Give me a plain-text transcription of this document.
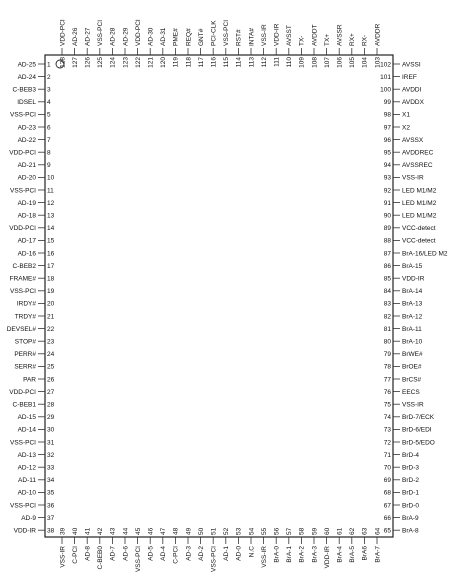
AD-25 1
AD-24 2
C-BEB3 3
IDSEL 4
VSS-PCI 5
AD-23 6
AD-22 7
VDD-PCI 8
AD-21 9
AD-20 10
VSS-PCI 11
AD-19 12
AD-18 13
VDD-PCI 14
AD-17 15
AD-16 16
C-BEB2 17
FRAME# 18
VSS-PCI 19
IRDY# 20
TRDY# 21
DEVSEL# 22
STOP# 23
PERR# 24
SERR# 25
PAR 26
VDD-PCI 27
C-BEB1 28
AD-15 29
AD-14 30
VSS-PCI 31
AD-13 32
AD-12 33
AD-11 34
AD-10 35
VSS-PCI 36
AD-9 37
VDD-IR 38
AVSSI
102
IREF
101
AVDDI
100
AVDDX
99
X1
98
X2
97
AVSSX
96
AVDDREC
95
AVSSREC
94
VSS-IR
93
LED M1/M2
92
LED M1/M2
91
LED M1/M2
90
VCC-detect
89
VCC-detect
88
BrA-16/LED M2
87
BrA-15
86
VDD-IR
85
BrA-14
84
BrA-13
83
BrA-12
82
BrA-11
81
BrA-10
80
BrWE#
79
BrOE#
78
BrCS#
77
EECS
76
VSS-IR
75
BrD-7/ECK
74
BrD-6/EDI
73
BrD-5/EDO
72
BrD-4
71
BrD-3
70
BrD-2
69
BrD-1
68
BrD-0
67
BrA-9
66
BrA-8
65
VDD-PCI
128
AD-26
127
AD-27
126
VSS-PCI
125
AD-28
124
AD-29
123
VDD-PCI
122
AD-30
121
AD-31
120
PME#
119
REQ#
118
GNT#
117
PCI-CLK
116
VSS-PCI
115
RST#
114
INTA#
113
VSS-IR
112
VDD-IR
111
AVSST
110
TX-
109
AVDDT
108
TX+
107
AVSSR
106
RX+
105
RX-
104
AVDDR
103
39
VSS-IR
40
C-PCI
41
AD-8
42
C-BEB0
43
AD-7
44
AD-6
45
VSS-PCI
46
AD-5
47
AD-4
48
C-PCI
49
AD-3
50
AD-2
51
VSS-PCI
52
AD-1
53
AD-0
54
N.C
55
VSS-IR
56
BrA-0
57
BrA-1
58
BrA-2
59
BrA-3
60
VDD-IR
61
BrA-4
62
BrA-5
63
BrA6
64
BrA-7
